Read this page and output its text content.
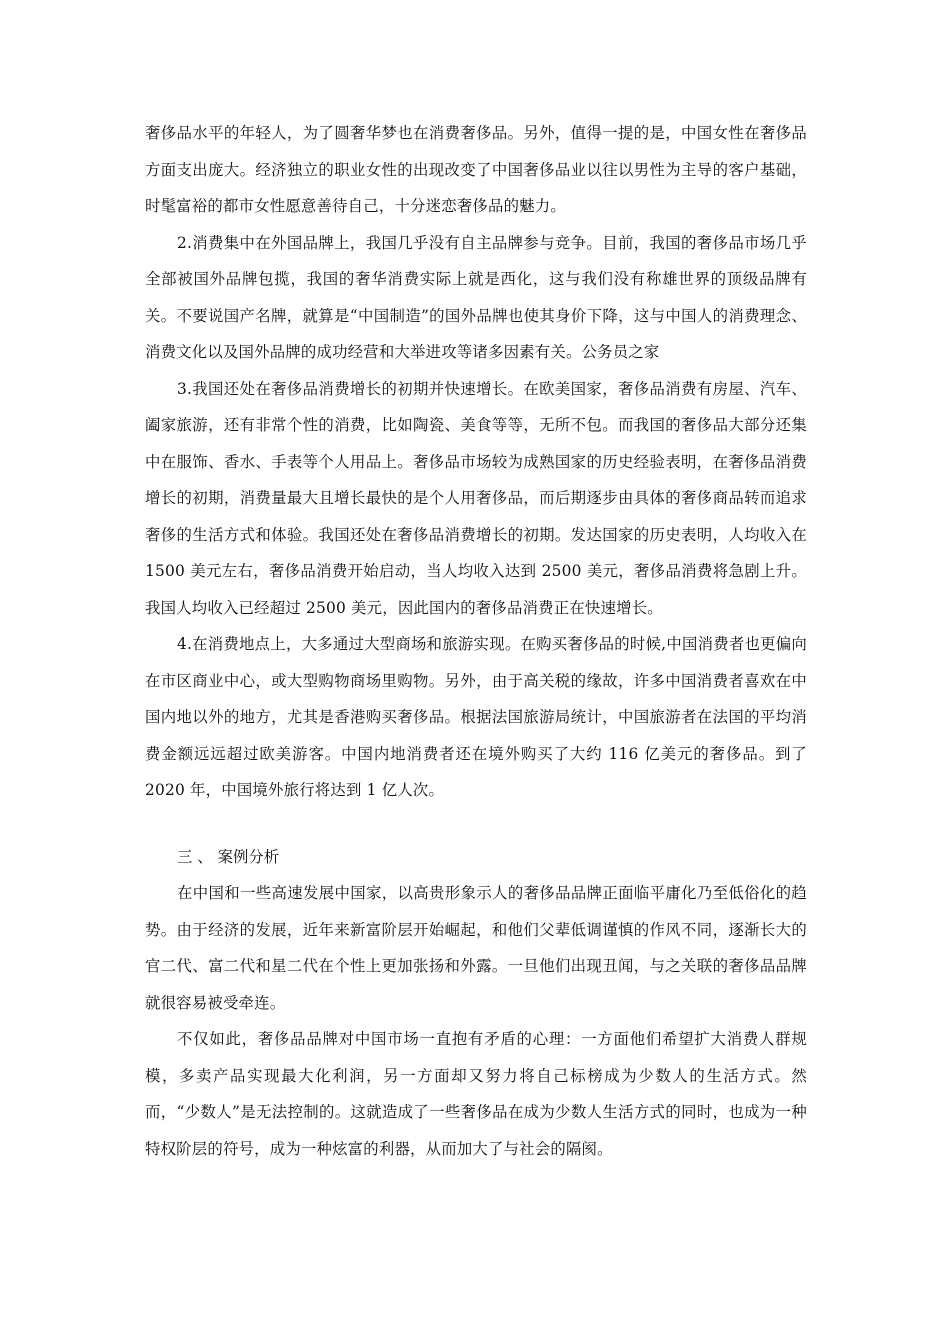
奢侈品水平的年轻人，为了圆奢华梦也在消费奢侈品。另外，值得一提的是，中国女性在奢侈品方面支出庞大。经济独立的职业女性的出现改变了中国奢侈品业以往以男性为主导的客户基础，时髦富裕的都市女性愿意善待自己，十分迷恋奢侈品的魅力。

2.消费集中在外国品牌上，我国几乎没有自主品牌参与竞争。目前，我国的奢侈品市场几乎全部被国外品牌包揽，我国的奢华消费实际上就是西化，这与我们没有称雄世界的顶级品牌有关。不要说国产名牌，就算是“中国制造”的国外品牌也使其身价下降，这与中国人的消费理念、消费文化以及国外品牌的成功经营和大举进攻等诸多因素有关。公务员之家

3.我国还处在奢侈品消费增长的初期并快速增长。在欧美国家，奢侈品消费有房屋、汽车、阖家旅游，还有非常个性的消费，比如陶瓷、美食等等，无所不包。而我国的奢侈品大部分还集中在服饰、香水、手表等个人用品上。奢侈品市场较为成熟国家的历史经验表明，在奢侈品消费增长的初期，消费量最大且增长最快的是个人用奢侈品，而后期逐步由具体的奢侈商品转而追求奢侈的生活方式和体验。我国还处在奢侈品消费增长的初期。发达国家的历史表明，人均收入在 1500 美元左右，奢侈品消费开始启动，当人均收入达到 2500 美元，奢侈品消费将急剧上升。我国人均收入已经超过 2500 美元，因此国内的奢侈品消费正在快速增长。

4.在消费地点上，大多通过大型商场和旅游实现。在购买奢侈品的时候,中国消费者也更偏向在市区商业中心，或大型购物商场里购物。另外，由于高关税的缘故，许多中国消费者喜欢在中国内地以外的地方，尤其是香港购买奢侈品。根据法国旅游局统计，中国旅游者在法国的平均消费金额远远超过欧美游客。中国内地消费者还在境外购买了大约 116 亿美元的奢侈品。到了 2020 年，中国境外旅行将达到 1 亿人次。

三 、 案例分析

在中国和一些高速发展中国家，以高贵形象示人的奢侈品品牌正面临平庸化乃至低俗化的趋势。由于经济的发展，近年来新富阶层开始崛起，和他们父辈低调谨慎的作风不同，逐渐长大的官二代、富二代和星二代在个性上更加张扬和外露。一旦他们出现丑闻，与之关联的奢侈品品牌就很容易被受牵连。

不仅如此，奢侈品品牌对中国市场一直抱有矛盾的心理：一方面他们希望扩大消费人群规模，多卖产品实现最大化利润，另一方面却又努力将自己标榜成为少数人的生活方式。然而，“少数人”是无法控制的。这就造成了一些奢侈品在成为少数人生活方式的同时，也成为一种特权阶层的符号，成为一种炫富的利器，从而加大了与社会的隔阂。
